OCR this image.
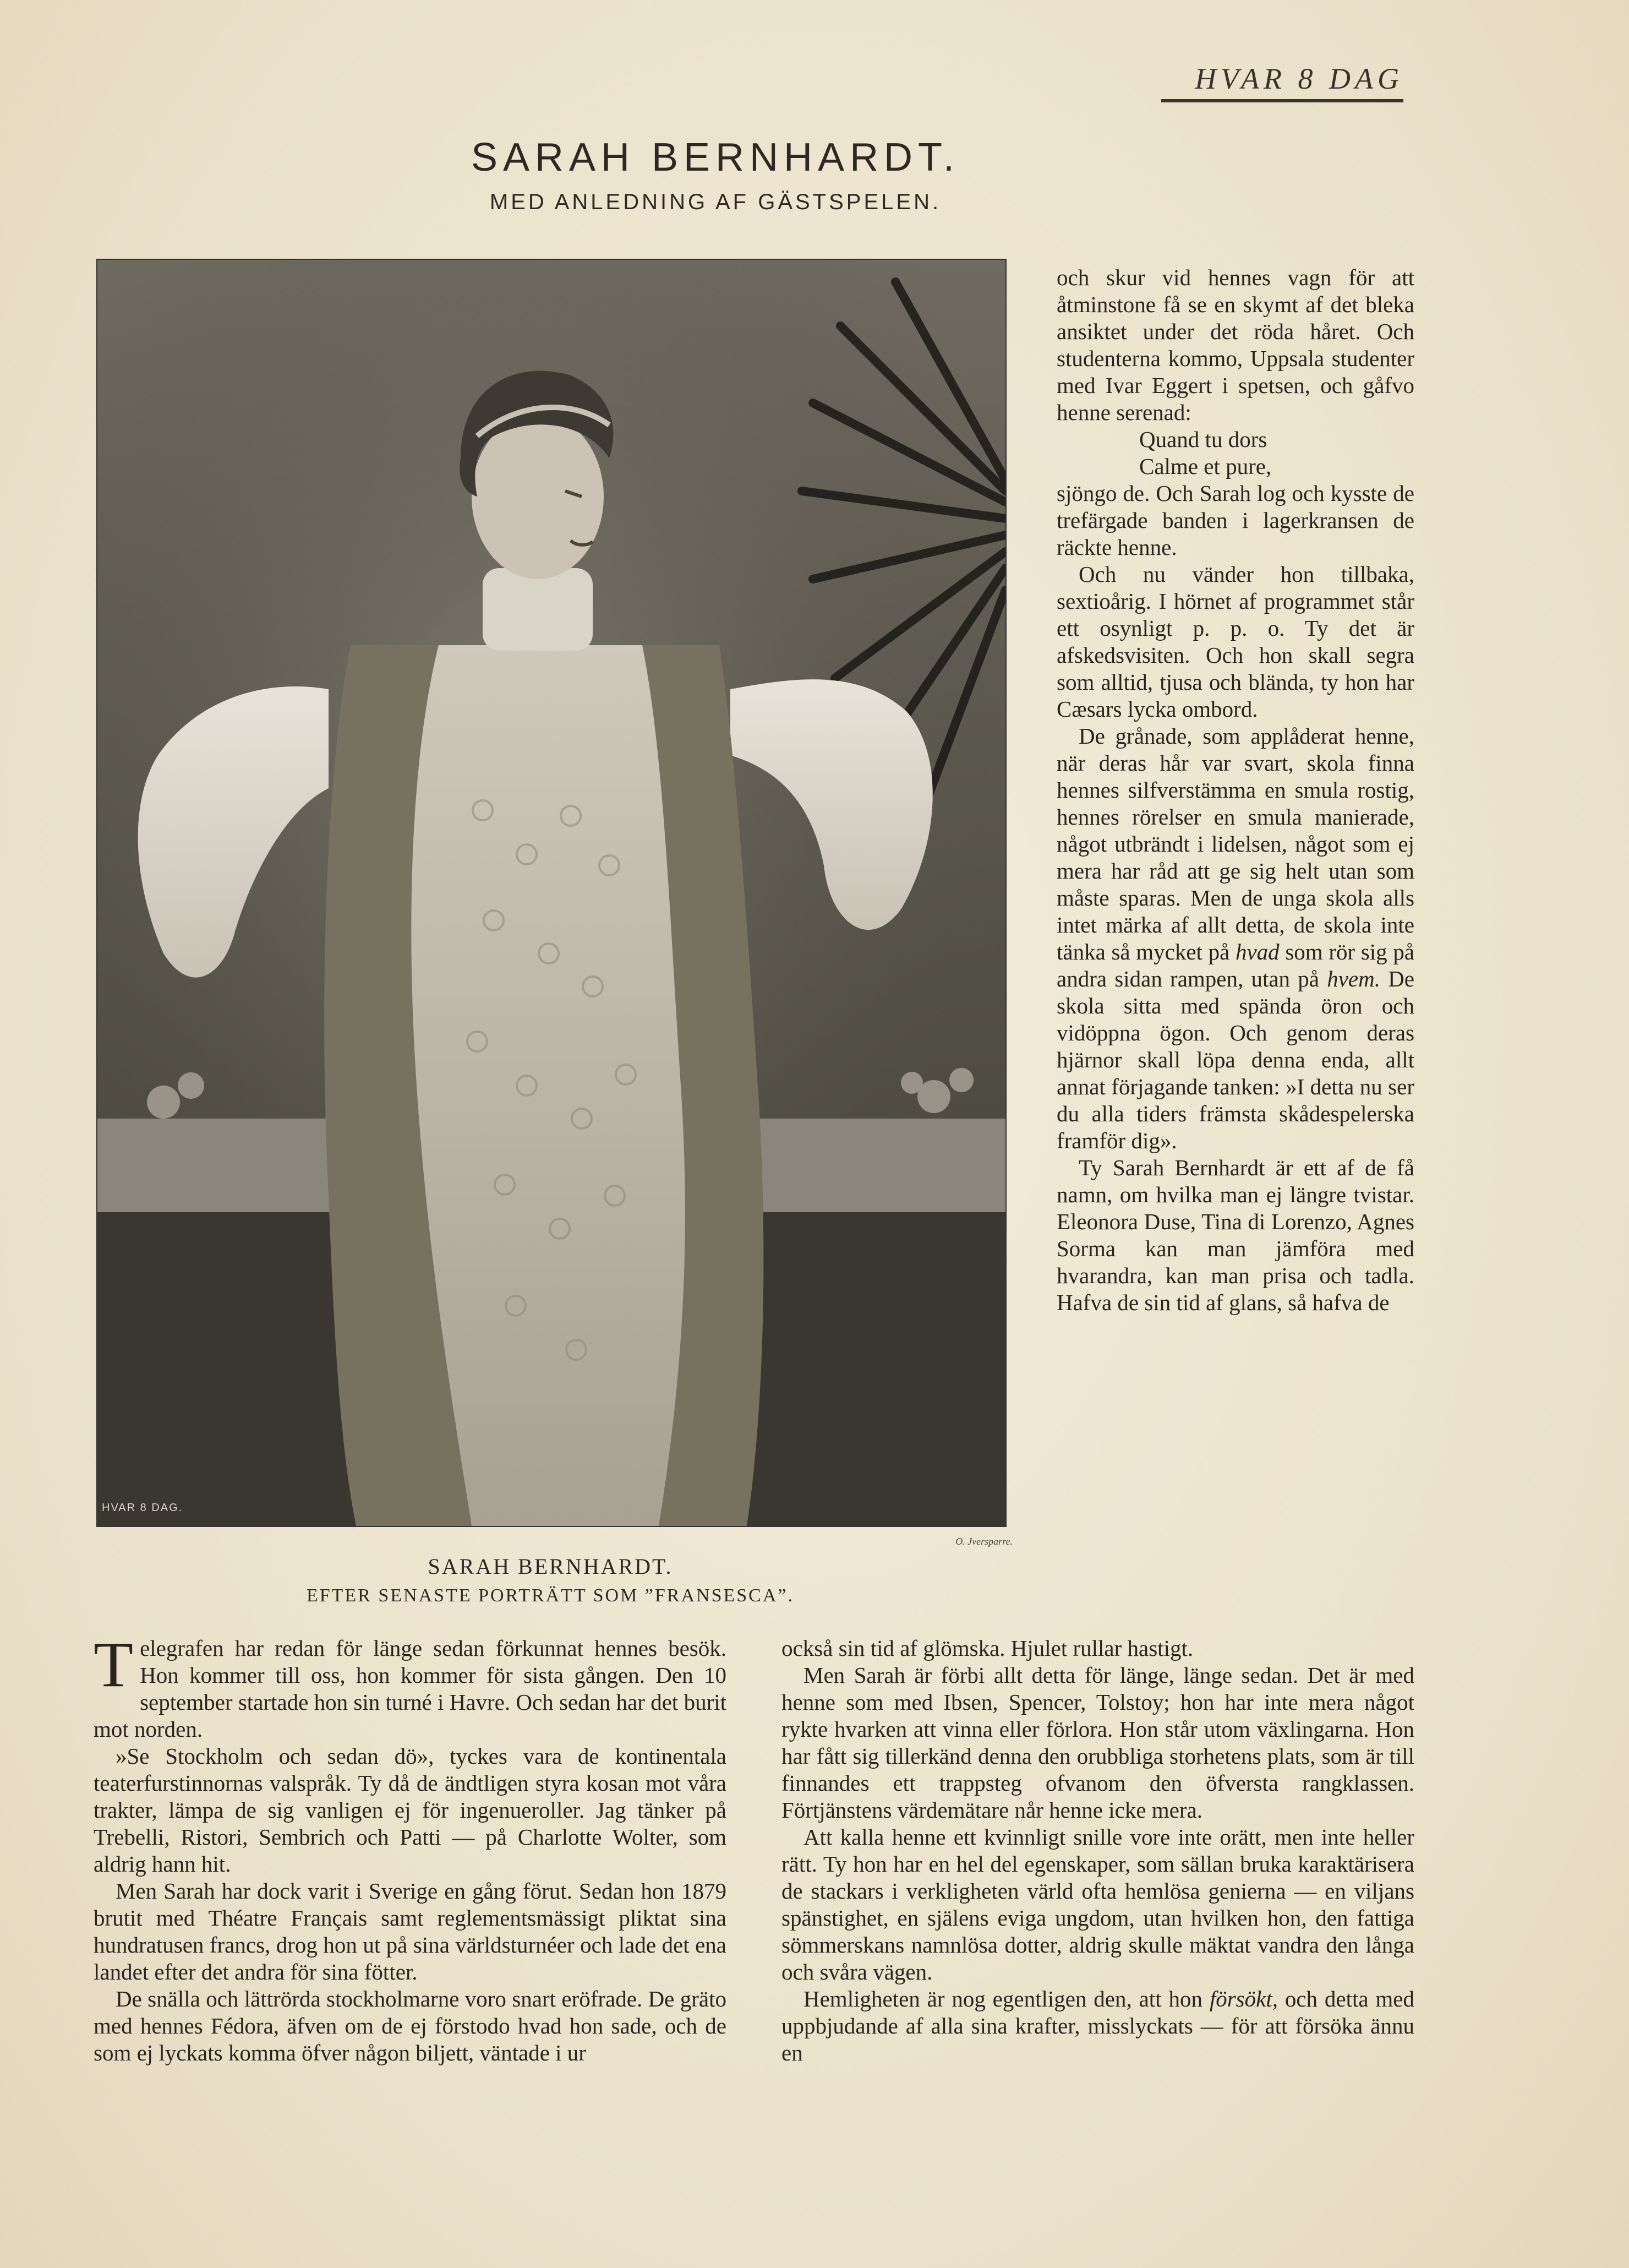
HVAR 8 DAG
SARAH BERNHARDT.
MED ANLEDNING AF GÄSTSPELEN.
HVAR 8 DAG.
O. Jversparre.
SARAH BERNHARDT.
EFTER SENASTE PORTRÄTT SOM ”FRANSESCA”.

och skur vid hennes vagn för att åtminstone få se en skymt af det bleka ansiktet under det röda håret. Och studenterna kommo, Uppsala studenter med Ivar Eggert i spetsen, och gåfvo henne serenad:

Quand tu dors

Calme et pure,

sjöngo de. Och Sarah log och kysste de trefärgade banden i lagerkransen de räckte henne.

Och nu vänder hon tillbaka, sextioårig. I hörnet af programmet står ett osynligt p. p. o. Ty det är afskedsvisiten. Och hon skall segra som alltid, tjusa och blända, ty hon har Cæsars lycka ombord.

De grånade, som applåderat henne, när deras hår var svart, skola finna hennes silfverstämma en smula rostig, hennes rörelser en smula manierade, något utbrändt i lidelsen, något som ej mera har råd att ge sig helt utan som måste sparas. Men de unga skola alls intet märka af allt detta, de skola inte tänka så mycket på hvad som rör sig på andra sidan rampen, utan på hvem. De skola sitta med spända öron och vidöppna ögon. Och genom deras hjärnor skall löpa denna enda, allt annat förjagande tanken: »I detta nu ser du alla tiders främsta skådespelerska framför dig».

Ty Sarah Bernhardt är ett af de få namn, om hvilka man ej längre tvistar. Eleonora Duse, Tina di Lorenzo, Agnes Sorma kan man jämföra med hvarandra, kan man prisa och tadla. Hafva de sin tid af glans, så hafva de

Telegrafen har redan för länge sedan förkunnat hennes besök. Hon kommer till oss, hon kommer för sista gången. Den 10 september startade hon sin turné i Havre. Och sedan har det burit mot norden.

»Se Stockholm och sedan dö», tyckes vara de kontinentala teaterfurstinnornas valspråk. Ty då de ändtligen styra kosan mot våra trakter, lämpa de sig vanligen ej för ingenueroller. Jag tänker på Trebelli, Ristori, Sembrich och Patti — på Charlotte Wolter, som aldrig hann hit.

Men Sarah har dock varit i Sverige en gång förut. Sedan hon 1879 brutit med Théatre Français samt reglementsmässigt pliktat sina hundratusen francs, drog hon ut på sina världsturnéer och lade det ena landet efter det andra för sina fötter.

De snälla och lättrörda stockholmarne voro snart eröfrade. De gräto med hennes Fédora, äfven om de ej förstodo hvad hon sade, och de som ej lyckats komma öfver någon biljett, väntade i ur

också sin tid af glömska. Hjulet rullar hastigt.

Men Sarah är förbi allt detta för länge, länge sedan. Det är med henne som med Ibsen, Spencer, Tolstoy; hon har inte mera något rykte hvarken att vinna eller förlora. Hon står utom växlingarna. Hon har fått sig tillerkänd denna den orubbliga storhetens plats, som är till finnandes ett trappsteg ofvanom den öfversta rangklassen. Förtjänstens värdemätare når henne icke mera.

Att kalla henne ett kvinnligt snille vore inte orätt, men inte heller rätt. Ty hon har en hel del egenskaper, som sällan bruka karaktärisera de stackars i verkligheten värld ofta hemlösa genierna — en viljans spänstighet, en själens eviga ungdom, utan hvilken hon, den fattiga sömmerskans namnlösa dotter, aldrig skulle mäktat vandra den långa och svåra vägen.

Hemligheten är nog egentligen den, att hon försökt, och detta med uppbjudande af alla sina krafter, misslyckats — för att försöka ännu en
